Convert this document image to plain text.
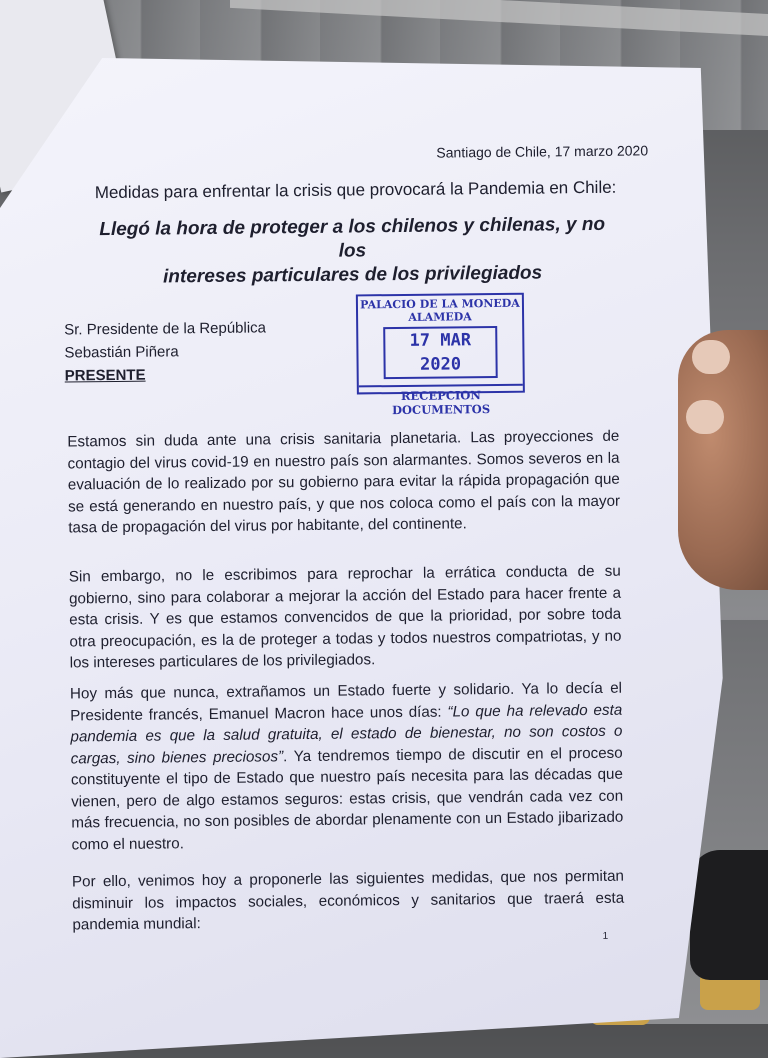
Santiago de Chile, 17 marzo 2020
Medidas para enfrentar la crisis que provocará la Pandemia en Chile:
Llegó la hora de proteger a los chilenos y chilenas, y no los
intereses particulares de los privilegiados
Sr. Presidente de la República
Sebastián Piñera
PRESENTE
PALACIO DE LA MONEDA
ALAMEDA
17 MAR 2020
RECEPCION DOCUMENTOS

Estamos sin duda ante una crisis sanitaria planetaria. Las proyecciones de contagio del virus covid-19 en nuestro país son alarmantes. Somos severos en la evaluación de lo realizado por su gobierno para evitar la rápida propagación que se está generando en nuestro país, y que nos coloca como el país con la mayor tasa de propagación del virus por habitante, del continente.

Sin embargo, no le escribimos para reprochar la errática conducta de su gobierno, sino para colaborar a mejorar la acción del Estado para hacer frente a esta crisis. Y es que estamos convencidos de que la prioridad, por sobre toda otra preocupación, es la de proteger a todas y todos nuestros compatriotas, y no los intereses particulares de los privilegiados.

Hoy más que nunca, extrañamos un Estado fuerte y solidario. Ya lo decía el Presidente francés, Emanuel Macron hace unos días: “Lo que ha relevado esta pandemia es que la salud gratuita, el estado de bienestar, no son costos o cargas, sino bienes preciosos”. Ya tendremos tiempo de discutir en el proceso constituyente el tipo de Estado que nuestro país necesita para las décadas que vienen, pero de algo estamos seguros: estas crisis, que vendrán cada vez con más frecuencia, no son posibles de abordar plenamente con un Estado jibarizado como el nuestro.

Por ello, venimos hoy a proponerle las siguientes medidas, que nos permitan disminuir los impactos sociales, económicos y sanitarios que traerá esta pandemia mundial:

1
